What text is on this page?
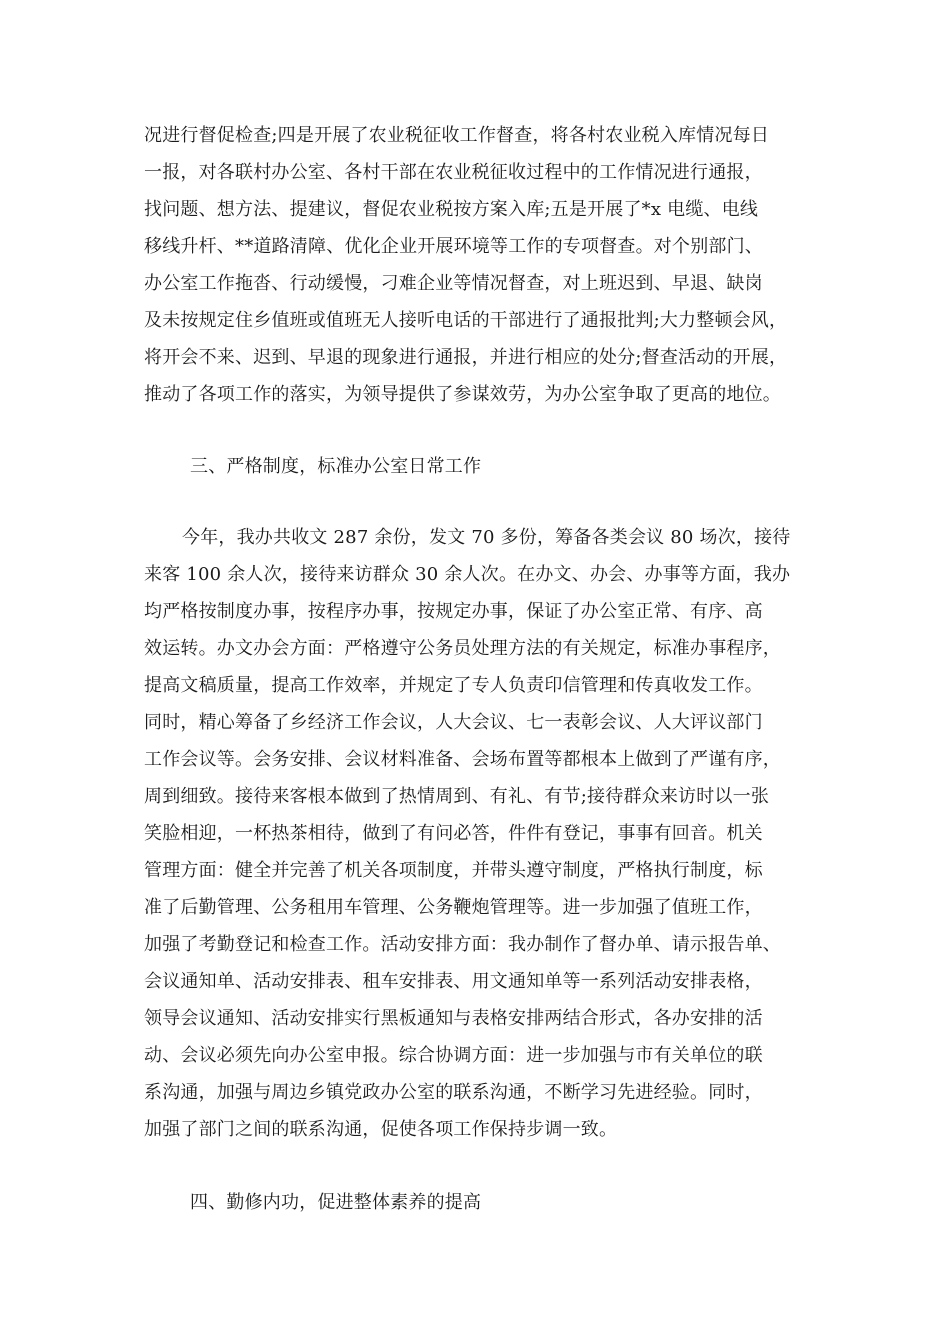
况进行督促检查;四是开展了农业税征收工作督查，将各村农业税入库情况每日
一报，对各联村办公室、各村干部在农业税征收过程中的工作情况进行通报，
找问题、想方法、提建议，督促农业税按方案入库;五是开展了*x 电缆、电线
移线升杆、**道路清障、优化企业开展环境等工作的专项督查。对个别部门、
办公室工作拖沓、行动缓慢，刁难企业等情况督查，对上班迟到、早退、缺岗
及未按规定住乡值班或值班无人接听电话的干部进行了通报批判;大力整顿会风，
将开会不来、迟到、早退的现象进行通报，并进行相应的处分;督查活动的开展，
推动了各项工作的落实，为领导提供了参谋效劳，为办公室争取了更高的地位。
三、严格制度，标准办公室日常工作
今年，我办共收文 287 余份，发文 70 多份，筹备各类会议 80 场次，接待
来客 100 余人次，接待来访群众 30 余人次。在办文、办会、办事等方面，我办
均严格按制度办事，按程序办事，按规定办事，保证了办公室正常、有序、高
效运转。办文办会方面：严格遵守公务员处理方法的有关规定，标准办事程序，
提高文稿质量，提高工作效率，并规定了专人负责印信管理和传真收发工作。
同时，精心筹备了乡经济工作会议，人大会议、七一表彰会议、人大评议部门
工作会议等。会务安排、会议材料准备、会场布置等都根本上做到了严谨有序，
周到细致。接待来客根本做到了热情周到、有礼、有节;接待群众来访时以一张
笑脸相迎，一杯热茶相待，做到了有问必答，件件有登记，事事有回音。机关
管理方面：健全并完善了机关各项制度，并带头遵守制度，严格执行制度，标
准了后勤管理、公务租用车管理、公务鞭炮管理等。进一步加强了值班工作，
加强了考勤登记和检查工作。活动安排方面：我办制作了督办单、请示报告单、
会议通知单、活动安排表、租车安排表、用文通知单等一系列活动安排表格，
领导会议通知、活动安排实行黑板通知与表格安排两结合形式，各办安排的活
动、会议必须先向办公室申报。综合协调方面：进一步加强与市有关单位的联
系沟通，加强与周边乡镇党政办公室的联系沟通，不断学习先进经验。同时，
加强了部门之间的联系沟通，促使各项工作保持步调一致。
四、勤修内功，促进整体素养的提高
